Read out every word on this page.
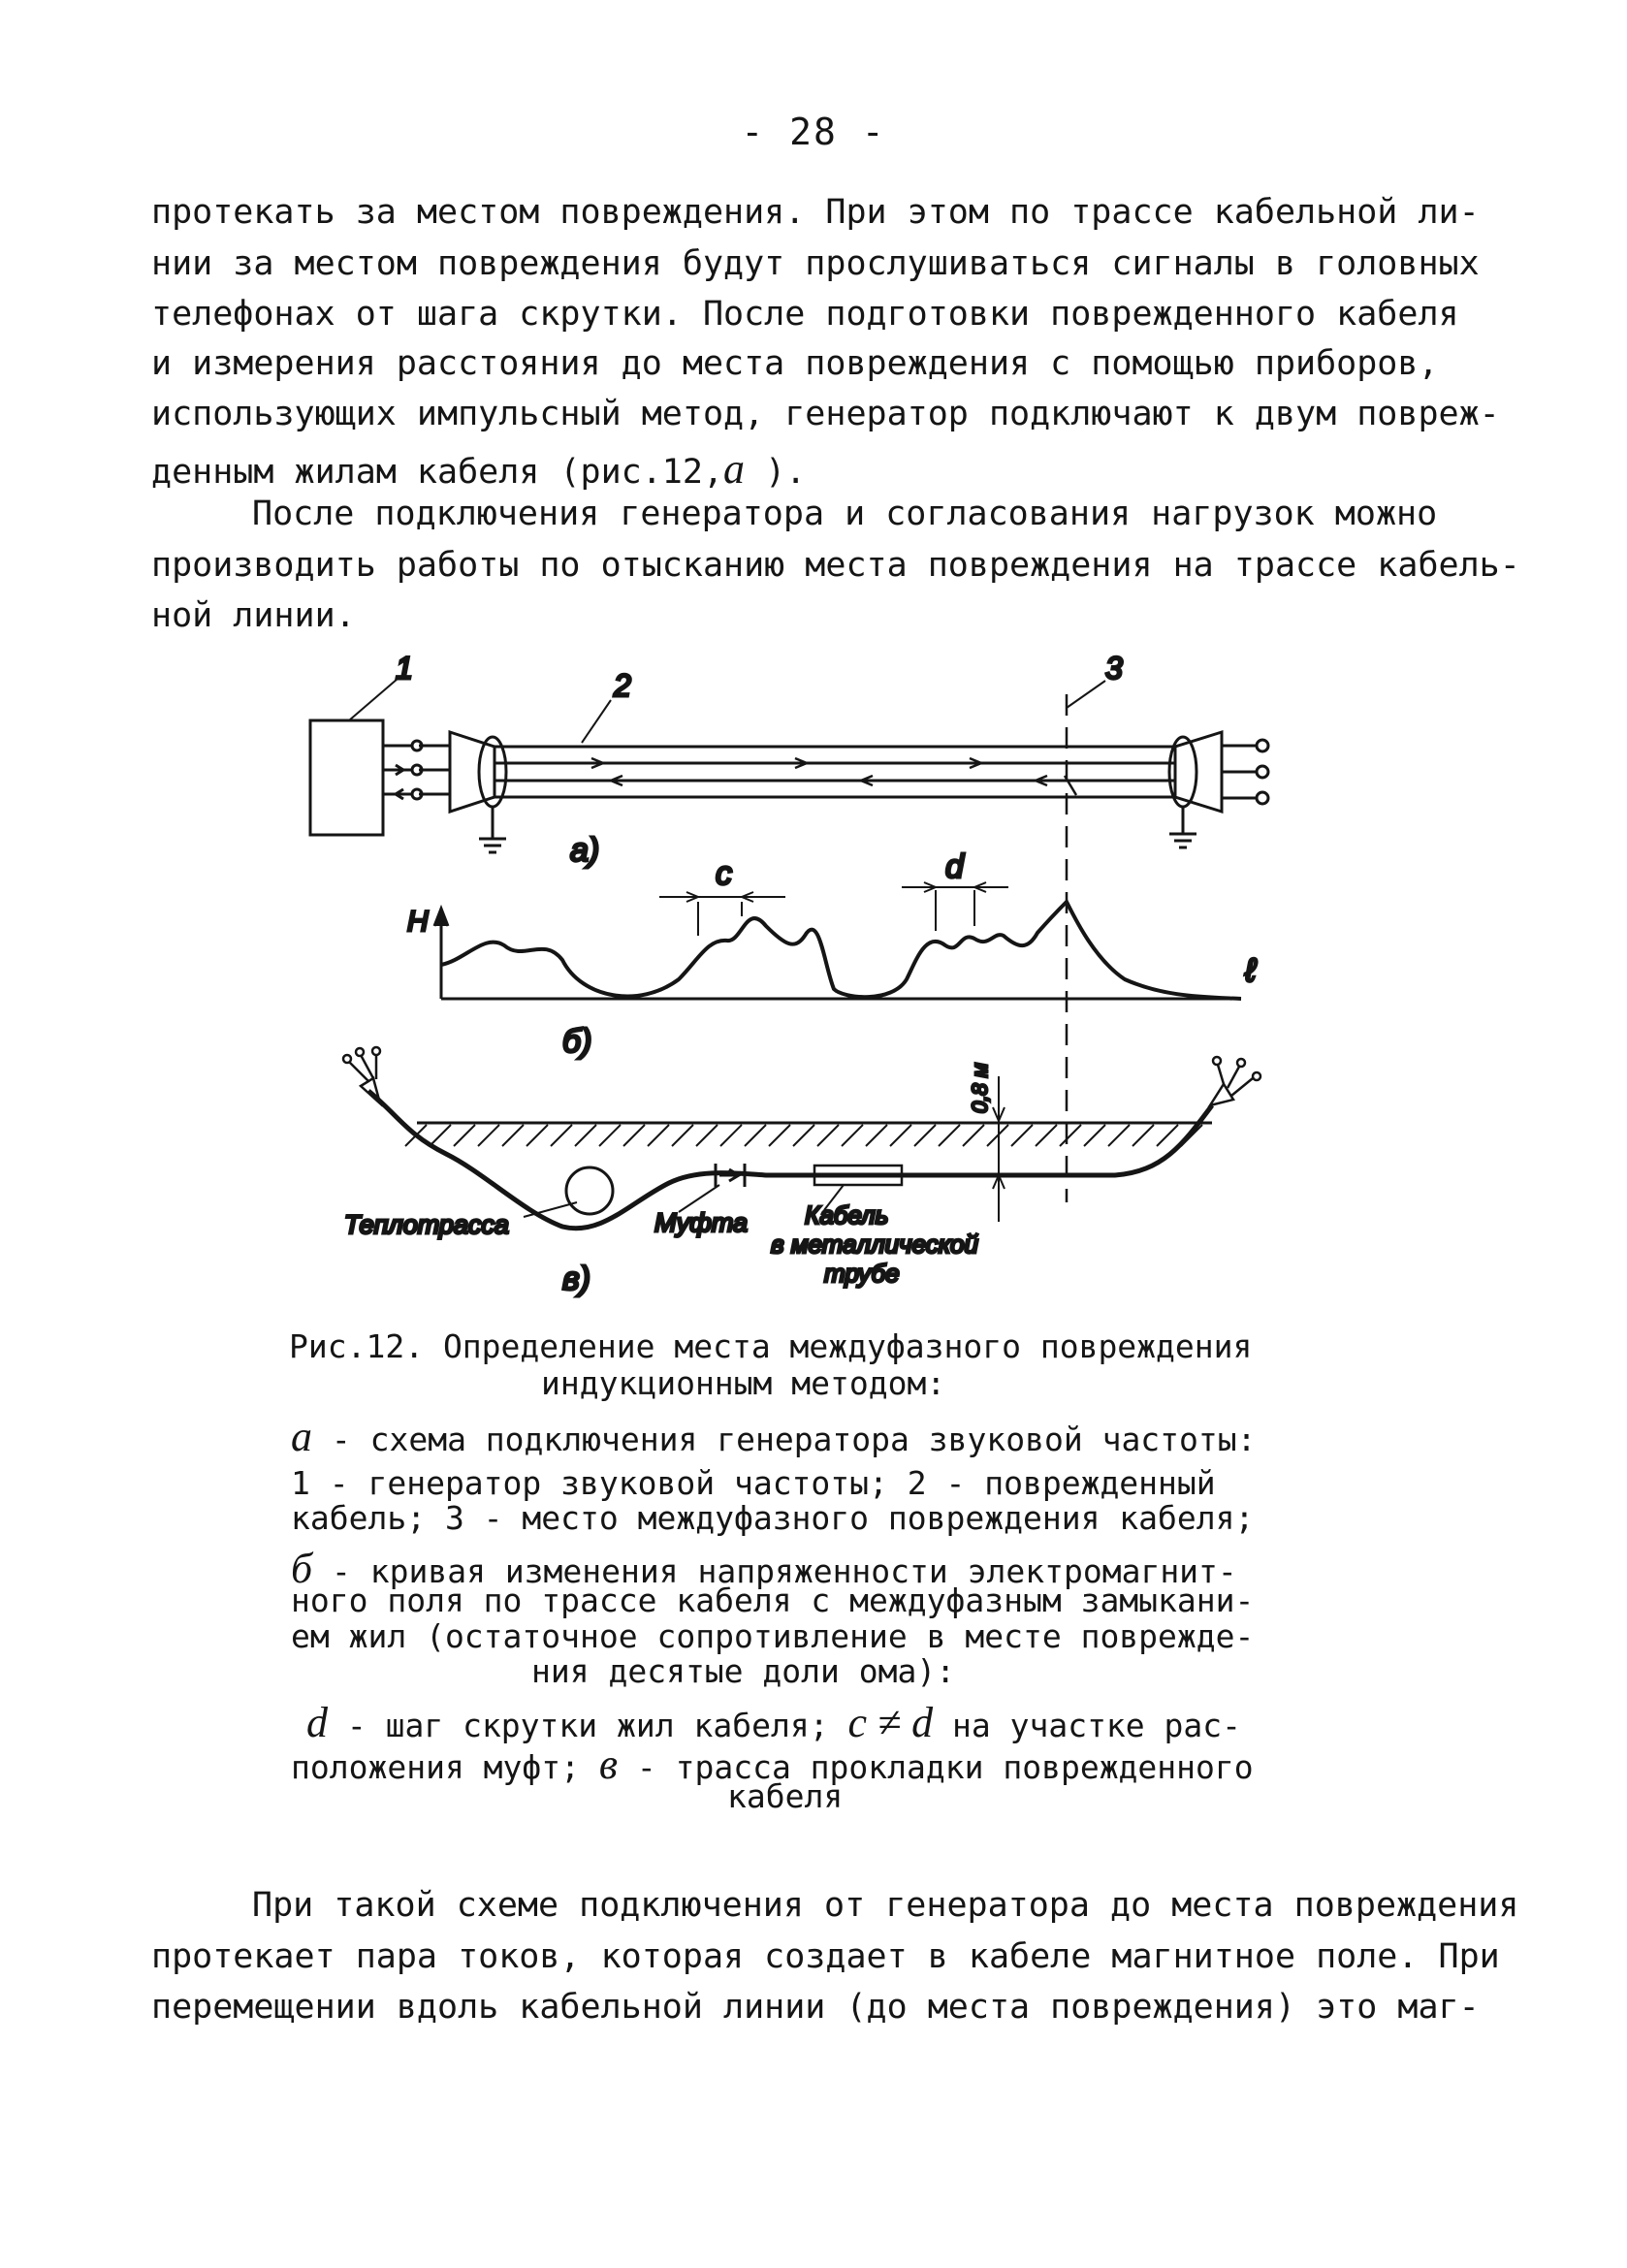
- 28 -

протекать за местом повреждения. При этом по трассе кабельной ли-

нии за местом повреждения будут прослушиваться сигналы в головных

телефонах от шага скрутки. После подготовки поврежденного кабеля

и измерения расстояния до места повреждения с помощью приборов,

использующих импульсный метод, генератор подключают к двум повреж-

денным жилам кабеля (рис.12,а ).

После подключения генератора и согласования нагрузок можно

производить работы по отысканию места повреждения на трассе кабель-

ной линии.

1	2	3
а)
H
ℓ
c	d
б)
0,8 м
Теплотрасса	Муфта Кабель
в металлической
трубе
в)

Рис.12. Определение места междуфазного повреждения

индукционным методом:

а - схема подключения генератора звуковой частоты:

1 - генератор звуковой частоты; 2 - поврежденный

кабель; 3 - место междуфазного повреждения кабеля;

б - кривая изменения напряженности электромагнит-

ного поля по трассе кабеля с междуфазным замыкани-

ем жил (остаточное сопротивление в месте поврежде-

ния десятые доли ома):

d - шаг скрутки жил кабеля; c ≠ d на участке рас-

положения муфт; в - трасса прокладки поврежденного

кабеля

При такой схеме подключения от генератора до места повреждения

протекает пара токов, которая создает в кабеле магнитное поле. При

перемещении вдоль кабельной линии (до места повреждения) это маг-
